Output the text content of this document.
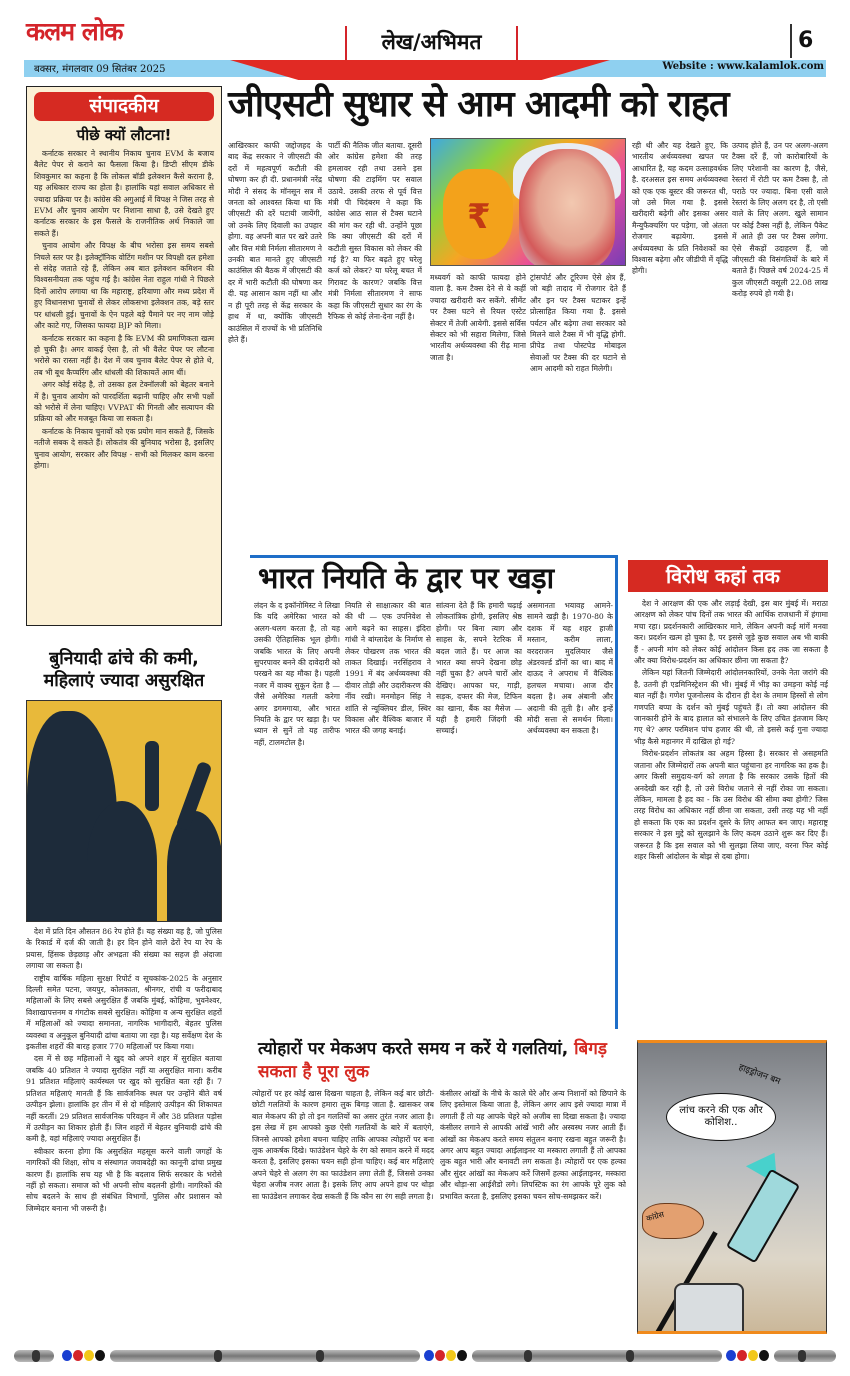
कलम लोक	लेख/अभिमत	6
बक्सर, मंगलवार 09 सितंबर 2025	Website : www.kalamlok.com
संपादकीय
पीछे क्यों लौटना!

कर्नाटक सरकार ने स्थानीय निकाय चुनाव EVM के बजाय बैलेट पेपर से कराने का फैसला किया है। डिप्टी सीएम डीके शिवकुमार का कहना है कि लोकल बॉडी इलेक्शन कैसे कराना है, यह अधिकार राज्य का होता है। हालांकि यहां सवाल अधिकार से ज्यादा प्रक्रिया पर है। कांग्रेस की अगुआई में विपक्ष ने जिस तरह से EVM और चुनाव आयोग पर निशाना साधा है, उसे देखते हुए कर्नाटक सरकार के इस फैसले के राजनीतिक अर्थ निकाले जा सकते हैं।

चुनाव आयोग और विपक्ष के बीच भरोसा इस समय सबसे निचले स्तर पर है। इलेक्ट्रॉनिक वोटिंग मशीन पर विपक्षी दल हमेशा से संदेह जताते रहे हैं, लेकिन अब बात इलेक्शन कमिशन की विश्वसनीयता तक पहुंच गई है। कांग्रेस नेता राहुल गांधी ने पिछले दिनों आरोप लगाया था कि महाराष्ट्र, हरियाणा और मध्य प्रदेश में हुए विधानसभा चुनावों से लेकर लोकसभा इलेक्शन तक, बड़े स्तर पर धांधली हुई। चुनावों के ऐन पहले बड़े पैमाने पर नए नाम जोड़े और काटे गए, जिसका फायदा BJP को मिला।

कर्नाटक सरकार का कहना है कि EVM की प्रमाणिकता खत्म हो चुकी है। अगर वाकई ऐसा है, तो भी वैलेट पेपर पर लौटना भरोसे का रास्ता नहीं है। देश में जब चुनाव बैलेट पेपर से होते थे, तब भी बूथ कैप्चरिंग और धांधली की शिकायतें आम थीं।

अगर कोई संदेह है, तो उसका हल टेक्नॉलजी को बेहतर बनाने में है। चुनाव आयोग को पारदर्शिता बढ़ानी चाहिए और सभी पक्षों को भरोसे में लेना चाहिए। VVPAT की गिनती और सत्यापन की प्रक्रिया को और मजबूत किया जा सकता है।

कर्नाटक के निकाय चुनावों को एक प्रयोग मान सकते हैं, जिसके नतीजे सबक दे सकते हैं। लोकतंत्र की बुनियाद भरोसा है, इसलिए चुनाव आयोग, सरकार और विपक्ष - सभी को मिलकर काम करना होगा।

जीएसटी सुधार से आम आदमी को राहत
आखिरकार काफी जद्दोजहद के बाद केंद्र सरकार ने जीएसटी की दरों में महत्वपूर्ण कटौती की घोषणा कर ही दी. प्रधानमंत्री नरेंद्र मोदी ने संसद के मॉनसून सत्र में जनता को आश्वस्त किया था कि जीएसटी की दरें घटायी जायेंगी, जो उनके लिए दिवाली का उपहार होगा. वह अपनी बात पर खरे उतरे और वित्त मंत्री निर्मला सीतारमण ने उनकी बात मानते हुए जीएसटी काउंसिल की बैठक में जीएसटी की दर में भारी कटौती की घोषणा कर दी. यह आसान काम नहीं था और न ही पूरी तरह से केंद्र सरकार के हाथ में था, क्योंकि जीएसटी काउंसिल में राज्यों के भी प्रतिनिधि होते हैं।
पार्टी की नैतिक जीत बताया. दूसरी ओर कांग्रेस हमेशा की तरह हमलावर रही तथा उसने इस घोषणा की टाइमिंग पर सवाल उठाये. उसकी तरफ से पूर्व वित्त मंत्री पी चिदंबरम ने कहा कि कांग्रेस आठ साल से टैक्स घटाने की मांग कर रही थी. उन्होंने पूछा कि क्या जीएसटी की दरों में कटौती सुस्त विकास को लेकर की गई है? या फिर बढ़ते हुए घरेलू कर्ज को लेकर? या घरेलू बचत में गिरावट के कारण? जबकि वित्त मंत्री निर्मला सीतारमण ने साफ कहा कि जीएसटी सुधार का रंग के रैफिक से कोई लेना-देना नहीं है।
₹
मध्यवर्ग को काफी फायदा होने वाला है. कम टैक्स देने से वे कहीं ज्यादा खरीदारी कर सकेंगे. सीमेंट पर टैक्स घटने से रियल एस्टेट सेक्टर में तेजी आयेगी. इससे सर्विस सेक्टर को भी सहारा मिलेगा, जिसे भारतीय अर्थव्यवस्था की रीढ़ माना जाता है।
ट्रांसपोर्ट और टूरिज्म ऐसे क्षेत्र हैं, जो बड़ी तादाद में रोजगार देते हैं और इन पर टैक्स घटाकर इन्हें प्रोत्साहित किया गया है. इससे पर्यटन और बढ़ेगा तथा सरकार को मिलने वाले टैक्स में भी वृद्धि होगी. प्रीपेड तथा पोस्टपेड मोबाइल सेवाओं पर टैक्स की दर घटाने से आम आदमी को राहत मिलेगी।
रही थी और यह देखते हुए, कि भारतीय अर्थव्यवस्था खपत पर आधारित है, यह कदम उत्साहवर्धक है. दरअसल इस समय अर्थव्यवस्था को एक एक बूस्टर की जरूरत थी, जो उसे मिल गया है. इससे खरीदारी बढ़ेगी और इसका असर मैन्युफैक्चरिंग पर पड़ेगा, जो अंततः रोजगार बढ़ायेगा. इससे अर्थव्यवस्था के प्रति निवेशकों का विश्वास बढ़ेगा और जीडीपी में वृद्धि होगी।
उत्पाद होते हैं, उन पर अलग-अलग टैक्स दरें हैं, जो कारोबारियों के लिए परेशानी का कारण है, जैसे, रेस्तरां में रोटी पर कम टैक्स है, तो पराठे पर ज्यादा. बिना एसी वाले रेस्तरां के लिए अलग दर है, तो एसी वाले के लिए अलग. खुले सामान पर कोई टैक्स नहीं है, लेकिन पैकेट में आते ही उस पर टैक्स लगेगा. ऐसे सैकड़ों उदाहरण हैं, जो जीएसटी की विसंगतियों के बारे में बताते हैं। पिछले वर्ष 2024-25 में कुल जीएसटी वसूली 22.08 लाख करोड़ रुपये हो गयी है।
बुनियादी ढांचे की कमी, महिलाएं ज्यादा असुरक्षित

देश में प्रति दिन औसतन 86 रेप होते हैं। यह संख्या वह है, जो पुलिस के रिकार्ड में दर्ज की जाती है। हर दिन होने वाले ढेरों रेप या रेप के प्रयास, हिंसक छेड़छाड़ और अभद्रता की संख्या का सहज ही अंदाजा लगाया जा सकता है।

राष्ट्रीय वार्षिक महिला सुरक्षा रिपोर्ट व सूचकांक-2025 के अनुसार दिल्ली समेत पटना, जयपुर, कोलकाता, श्रीनगर, रांची व फरीदाबाद महिलाओं के लिए सबसे असुरक्षित हैं जबकि मुंबई, कोहिमा, भुवनेश्वर, विशाखापत्तनम व गंगटोक सबसे सुरक्षित। कोहिमा व अन्य सुरक्षित शहरों में महिलाओं को ज्यादा समानता, नागरिक भागीदारी, बेहतर पुलिस व्यवस्था व अनुकूल बुनियादी ढांचा बताया जा रहा है। यह सर्वेक्षण देश के इकतीस शहरों की बारह हजार 770 महिलाओं पर किया गया।

दस में से छह महिलाओं ने खुद को अपने शहर में सुरक्षित बताया जबकि 40 प्रतिशत ने ज्यादा सुरक्षित नहीं या असुरक्षित माना। करीब 91 प्रतिशत महिलाएं कार्यस्थल पर खुद को सुरक्षित बता रही हैं। 7 प्रतिशत महिलाएं मानती हैं कि सार्वजनिक स्थल पर उन्होंने बीते वर्ष उत्पीड़न झेला। हालांकि हर तीन में से दो महिलाएं उत्पीड़न की शिकायत नहीं करतीं। 29 प्रतिशत सार्वजनिक परिवहन में और 38 प्रतिशत पड़ोस में उत्पीड़न का शिकार होती हैं। जिन शहरों में बेहतर बुनियादी ढांचे की कमी है, वहां महिलाएं ज्यादा असुरक्षित हैं।

स्वीकार करना होगा कि असुरक्षित महसूस करने वाली जगहों के नागरिकों की शिक्षा, सोच व संस्थागत जवाबदेही का कानूनी ढांचा प्रमुख कारण हैं। हालांकि सच यह भी है कि बदलाव सिर्फ सरकार के भरोसे नहीं हो सकता। समाज को भी अपनी सोच बदलनी होगी। नागरिकों की सोच बदलने के साथ ही संबंधित विभागों, पुलिस और प्रशासन को जिम्मेदार बनाना भी जरूरी है।

भारत नियति के द्वार पर खड़ा
लंदन के द इकॉनोमिस्ट ने लिखा कि यदि अमेरिका भारत को अलग-थलग करता है, तो यह उसकी ऐतिहासिक भूल होगी। जबकि भारत के लिए अपनी सुपरपावर बनने की दावेदारी को परखने का यह मौका है। पहली नजर में वाक्य सुकून देता है — जैसे अमेरिका गलती करेगा अगर डगमगाया, और भारत नियति के द्वार पर खड़ा है। पर ध्यान से सुनें तो यह तारीफ नहीं, टालमटोल है।
नियति से साक्षात्कार की बात की थी — एक उपनिवेश से आगे बढ़ने का साहस। इंदिरा गांधी ने बांग्लादेश के निर्माण से लेकर पोखरण तक भारत की ताकत दिखाई। नरसिंहराव ने 1991 में बंद अर्थव्यवस्था की दीवार तोड़ी और उदारीकरण की नींव रखी। मनमोहन सिंह ने शांति से न्यूक्लियर डील, स्थिर विकास और वैश्विक बाजार में भारत की जगह बनाई।
सांत्वना देते हैं कि हमारी चढ़ाई लोकतांत्रिक होगी, इसलिए श्रेष्ठ होगी। पर बिना त्याग और साहस के, सपने रेटरिक में बदल जाते हैं। पर आज का भारत क्या सपने देखना छोड़ नहीं चुका है? अपने चारों ओर देखिए। आपका घर, गाड़ी, सड़क, दफ्तर की मेज, टिफिन का खाना, बैंक का मैसेज — यही है हमारी जिंदगी की सच्चाई।
असमानता भयावह आमने-सामने खड़ी है। 1970-80 के दशक में यह शहर हाजी मस्तान, करीम लाला, वरदराजन मुदलियार जैसे अंडरवर्ल्ड डॉनों का था। बाद में दाऊद ने अपराध में वैश्विक हलचल मचाया। आज दौर बदला है। अब अंबानी और अदानी की तूती है। और इन्हें मोदी सत्ता से समर्थन मिला। अर्थव्यवस्था बन सकता है।
विरोध कहां तक

देश ने आरक्षण की एक और लड़ाई देखी, इस बार मुंबई में। मराठा आरक्षण को लेकर पांच दिनों तक भारत की आर्थिक राजधानी में हंगामा मचा रहा। प्रदर्शनकारी आखिरकार माने, लेकिन अपनी कई मांगें मनवा कर। प्रदर्शन खत्म हो चुका है, पर इससे जुड़े कुछ सवाल अब भी बाकी हैं - अपनी मांग को लेकर कोई आंदोलन किस हद तक जा सकता है और क्या विरोध-प्रदर्शन का अधिकार छीना जा सकता है?

लेकिन यहां जितनी जिम्मेदारी आंदोलनकारियों, उनके नेता जरांगे की है, उतनी ही एडमिनिस्ट्रेशन की भी। मुंबई में भीड़ का उमड़ना कोई नई बात नहीं है। गणेश पूजनोत्सव के दौरान ही देश के तमाम हिस्सों से लोग गणपति बप्पा के दर्शन को मुंबई पहुंचते हैं। तो क्या आंदोलन की जानकारी होने के बाद हालात को संभालने के लिए उचित इंतजाम किए गए थे? अगर परमिशन पांच हजार की थी, तो इससे कई गुना ज्यादा भीड़ कैसे महानगर में दाखिल हो गई?

विरोध-प्रदर्शन लोकतंत्र का अहम हिस्सा है। सरकार से असहमति जताना और जिम्मेदारों तक अपनी बात पहुंचाना हर नागरिक का हक है। अगर किसी समुदाय-वर्ग को लगता है कि सरकार उसके हितों की अनदेखी कर रही है, तो उसे विरोध जताने से नहीं रोका जा सकता। लेकिन, मामला है हद का - कि उस विरोध की सीमा क्या होगी? जिस तरह विरोध का अधिकार नहीं छीना जा सकता, उसी तरह यह भी नहीं हो सकता कि एक का प्रदर्शन दूसरे के लिए आफत बन जाए। महाराष्ट्र सरकार ने इस मुद्दे को सुलझाने के लिए कदम उठाने शुरू कर दिए हैं। जरूरत है कि इस सवाल को भी सुलझा लिया जाए, वरना फिर कोई शहर किसी आंदोलन के बोझ से दबा होगा।

त्योहारों पर मेकअप करते समय न करें ये गलतियां, बिगड़ सकता है पूरा लुक
त्योहारों पर हर कोई खास दिखना चाहता है, लेकिन कई बार छोटी-छोटी गलतियों के कारण हमारा लुक बिगड़ जाता है. खासकर जब बात मेकअप की हो तो इन गलतियों का असर तुरंत नजर आता है। इस लेख में हम आपको कुछ ऐसी गलतियों के बारे में बताएंगे, जिनसे आपको हमेशा बचना चाहिए ताकि आपका त्योहारों पर बना लुक आकर्षक दिखे। फाउंडेशन चेहरे के रंग को समान करने में मदद करता है, इसलिए इसका चयन सही होना चाहिए। कई बार महिलाएं अपने चेहरे से अलग रंग का फाउंडेशन लगा लेती हैं, जिससे उनका चेहरा अजीब नजर आता है। इसके लिए आप अपने हाथ पर थोड़ा सा फाउंडेशन लगाकर देख सकती हैं कि कौन सा रंग सही लगता है।
कंसीलर आंखों के नीचे के काले घेरे और अन्य निशानों को छिपाने के लिए इस्तेमाल किया जाता है, लेकिन अगर आप इसे ज्यादा मात्रा में लगाती हैं तो यह आपके चेहरे को अजीब सा दिखा सकता है। ज्यादा कंसीलर लगाने से आपकी आंखें भारी और अस्वस्थ नजर आती हैं। आंखों का मेकअप करते समय संतुलन बनाए रखना बहुत जरूरी है। अगर आप बहुत ज्यादा आईलाइनर या मस्कारा लगाती हैं तो आपका लुक बहुत भारी और बनावटी लग सकता है। त्योहारों पर एक हल्का और सुंदर आंखों का मेकअप करें जिसमें हल्का आईलाइनर, मस्कारा और थोड़ा-सा आईशैडो लगे। लिपस्टिक का रंग आपके पूरे लुक को प्रभावित करता है, इसलिए इसका चयन सोच-समझकर करें।
लांच करने की एक और कोशिश..
हाइड्रोजन बम
कांग्रेस
